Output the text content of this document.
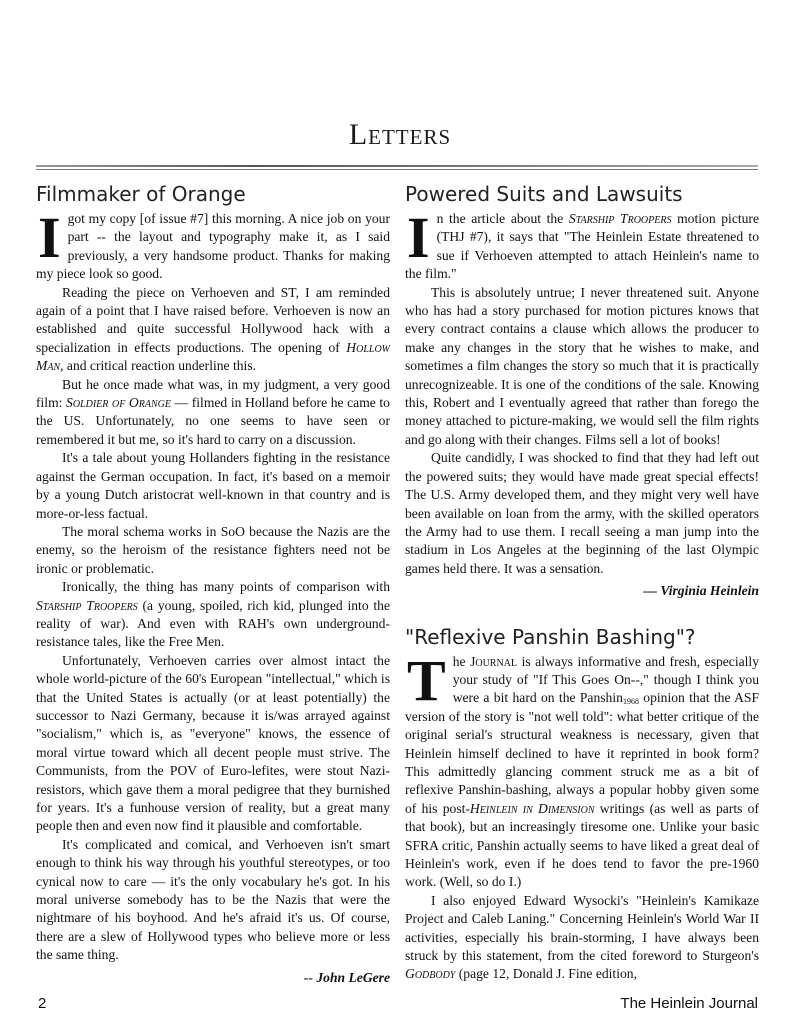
Letters
Filmmaker of Orange

I got my copy [of issue #7] this morning. A nice job on your part -- the layout and typography make it, as I said previously, a very handsome product. Thanks for making my piece look so good.

Reading the piece on Verhoeven and ST, I am reminded again of a point that I have raised before. Verhoeven is now an established and quite successful Hollywood hack with a specialization in effects productions. The opening of Hollow Man, and critical reaction underline this.

But he once made what was, in my judgment, a very good film: Soldier of Orange — filmed in Holland before he came to the US. Unfortunately, no one seems to have seen or remembered it but me, so it's hard to carry on a discussion.

It's a tale about young Hollanders fighting in the resistance against the German occupation. In fact, it's based on a memoir by a young Dutch aristocrat well-known in that country and is more-or-less factual.

The moral schema works in SoO because the Nazis are the enemy, so the heroism of the resistance fighters need not be ironic or problematic.

Ironically, the thing has many points of comparison with Starship Troopers (a young, spoiled, rich kid, plunged into the reality of war). And even with RAH's own underground-resistance tales, like the Free Men.

Unfortunately, Verhoeven carries over almost intact the whole world-picture of the 60's European "intellectual," which is that the United States is actually (or at least potentially) the successor to Nazi Germany, because it is/was arrayed against "socialism," which is, as "everyone" knows, the essence of moral virtue toward which all decent people must strive. The Communists, from the POV of Euro-lefites, were stout Nazi-resistors, which gave them a moral pedigree that they burnished for years. It's a funhouse version of reality, but a great many people then and even now find it plausible and comfortable.

It's complicated and comical, and Verhoeven isn't smart enough to think his way through his youthful stereotypes, or too cynical now to care — it's the only vocabulary he's got. In his moral universe somebody has to be the Nazis that were the nightmare of his boyhood. And he's afraid it's us. Of course, there are a slew of Hollywood types who believe more or less the same thing.

-- John LeGere

Powered Suits and Lawsuits

In the article about the Starship Troopers motion picture (THJ #7), it says that "The Heinlein Estate threatened to sue if Verhoeven attempted to attach Heinlein's name to the film."

This is absolutely untrue; I never threatened suit. Anyone who has had a story purchased for motion pictures knows that every contract contains a clause which allows the producer to make any changes in the story that he wishes to make, and sometimes a film changes the story so much that it is practically unrecognizeable. It is one of the conditions of the sale. Knowing this, Robert and I eventually agreed that rather than forego the money attached to picture-making, we would sell the film rights and go along with their changes. Films sell a lot of books!

Quite candidly, I was shocked to find that they had left out the powered suits; they would have made great special effects! The U.S. Army developed them, and they might very well have been available on loan from the army, with the skilled operators the Army had to use them. I recall seeing a man jump into the stadium in Los Angeles at the beginning of the last Olympic games held there. It was a sensation.

— Virginia Heinlein

"Reflexive Panshin Bashing"?

The Journal is always informative and fresh, especially your study of "If This Goes On--," though I think you were a bit hard on the Panshin$_{1968}$ opinion that the ASF version of the story is "not well told": what better critique of the original serial's structural weakness is necessary, given that Heinlein himself declined to have it reprinted in book form? This admittedly glancing comment struck me as a bit of reflexive Panshin-bashing, always a popular hobby given some of his post-Heinlein in Dimension writings (as well as parts of that book), but an increasingly tiresome one. Unlike your basic SFRA critic, Panshin actually seems to have liked a great deal of Heinlein's work, even if he does tend to favor the pre-1960 work. (Well, so do I.)

I also enjoyed Edward Wysocki's "Heinlein's Kamikaze Project and Caleb Laning." Concerning Heinlein's World War II activities, especially his brain-storming, I have always been struck by this statement, from the cited foreword to Sturgeon's Godbody (page 12, Donald J. Fine edition,

2	The Heinlein Journal
